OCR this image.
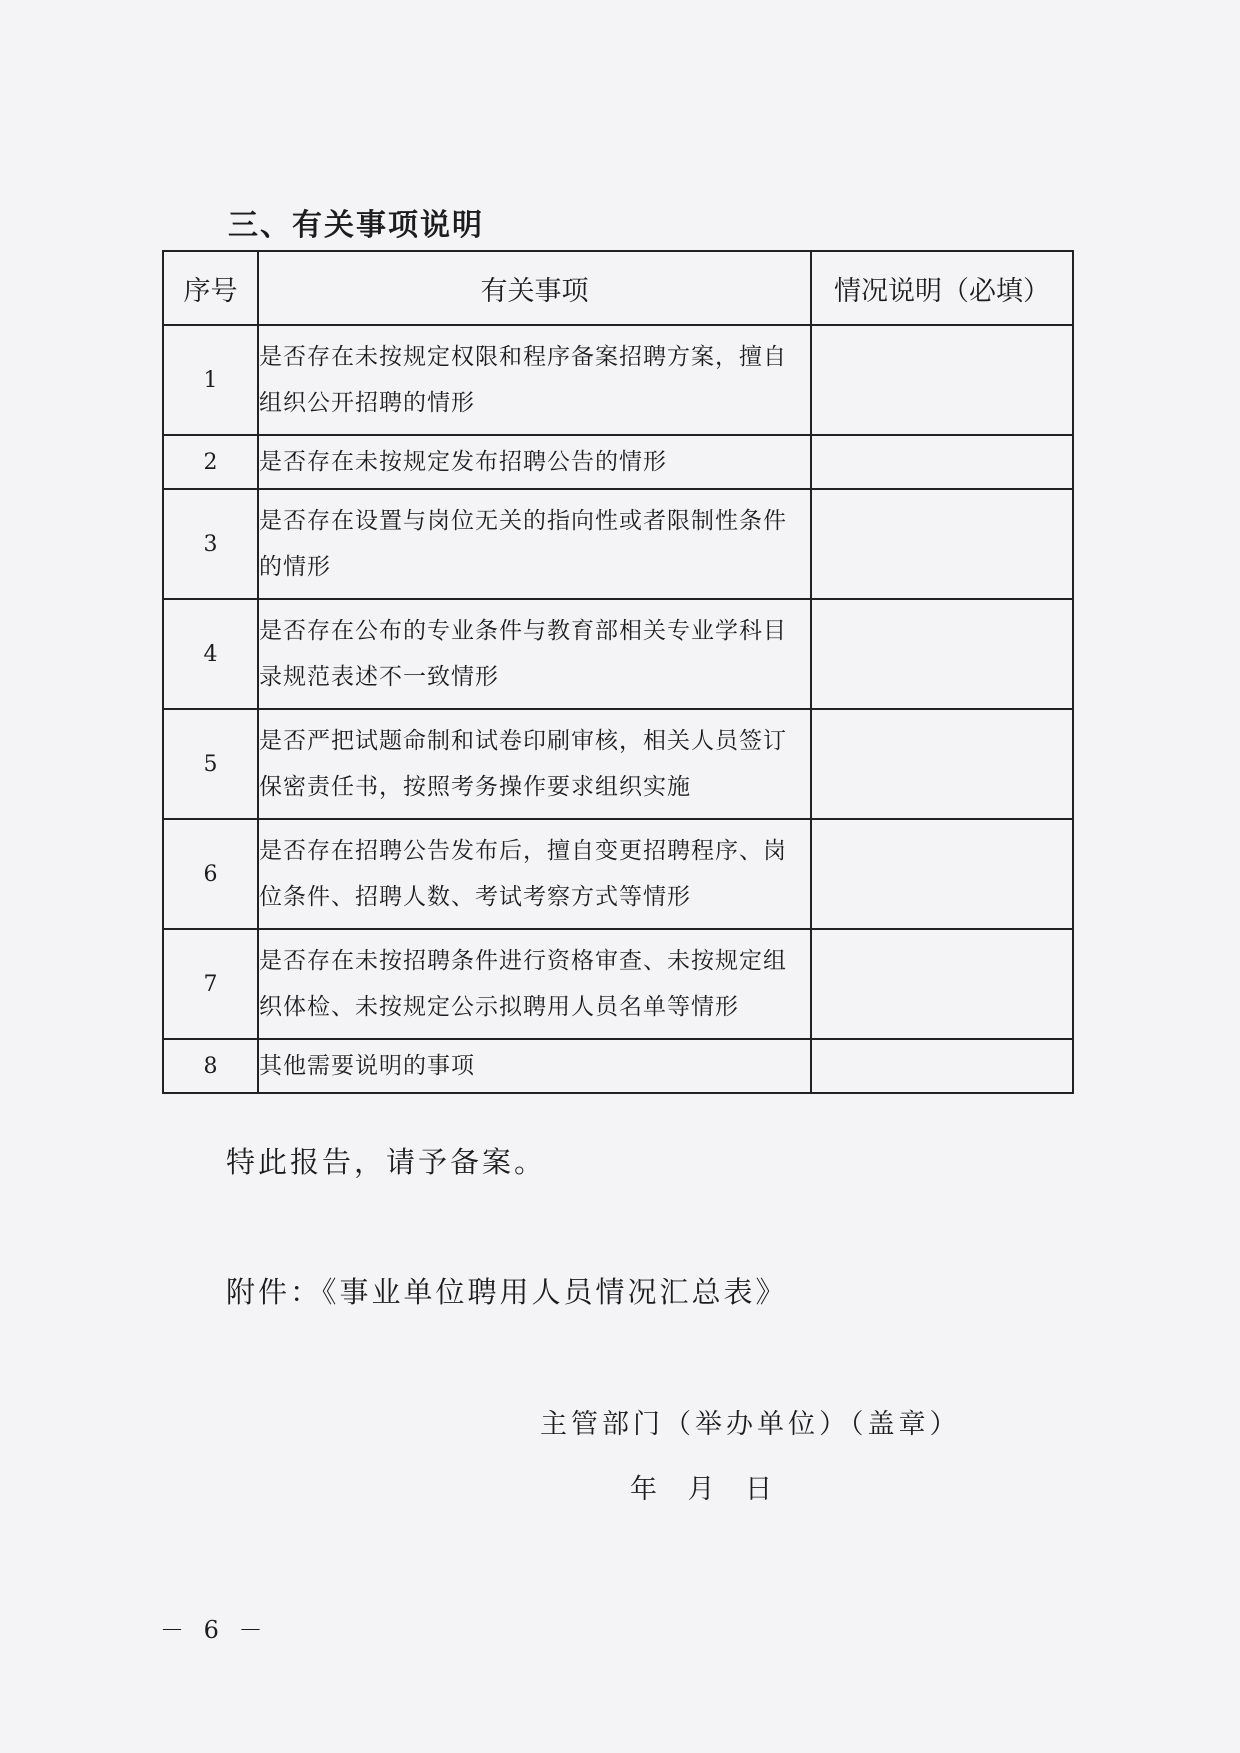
三、有关事项说明
序号	有关事项	情况说明（必填）
1	是否存在未按规定权限和程序备案招聘方案，擅自组织公开招聘的情形	
2	是否存在未按规定发布招聘公告的情形	
3	是否存在设置与岗位无关的指向性或者限制性条件的情形	
4	是否存在公布的专业条件与教育部相关专业学科目录规范表述不一致情形	
5	是否严把试题命制和试卷印刷审核，相关人员签订保密责任书，按照考务操作要求组织实施	
6	是否存在招聘公告发布后，擅自变更招聘程序、岗位条件、招聘人数、考试考察方式等情形	
7	是否存在未按招聘条件进行资格审查、未按规定组织体检、未按规定公示拟聘用人员名单等情形	
8	其他需要说明的事项	
特此报告，请予备案。
附件：《事业单位聘用人员情况汇总表》
主管部门（举办单位）（盖章）
年 月 日
－ 6 －
